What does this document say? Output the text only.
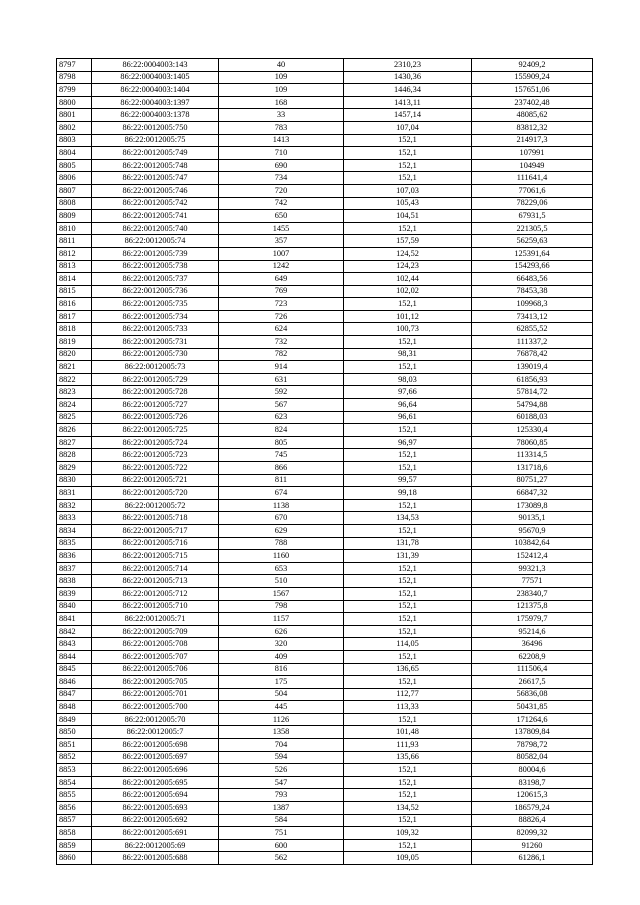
8797	86:22:0004003:143	40	2310,23	92409,2
8798	86:22:0004003:1405	109	1430,36	155909,24
8799	86:22:0004003:1404	109	1446,34	157651,06
8800	86:22:0004003:1397	168	1413,11	237402,48
8801	86:22:0004003:1378	33	1457,14	48085,62
8802	86:22:0012005:750	783	107,04	83812,32
8803	86:22:0012005:75	1413	152,1	214917,3
8804	86:22:0012005:749	710	152,1	107991
8805	86:22:0012005:748	690	152,1	104949
8806	86:22:0012005:747	734	152,1	111641,4
8807	86:22:0012005:746	720	107,03	77061,6
8808	86:22:0012005:742	742	105,43	78229,06
8809	86:22:0012005:741	650	104,51	67931,5
8810	86:22:0012005:740	1455	152,1	221305,5
8811	86:22:0012005:74	357	157,59	56259,63
8812	86:22:0012005:739	1007	124,52	125391,64
8813	86:22:0012005:738	1242	124,23	154293,66
8814	86:22:0012005:737	649	102,44	66483,56
8815	86:22:0012005:736	769	102,02	78453,38
8816	86:22:0012005:735	723	152,1	109968,3
8817	86:22:0012005:734	726	101,12	73413,12
8818	86:22:0012005:733	624	100,73	62855,52
8819	86:22:0012005:731	732	152,1	111337,2
8820	86:22:0012005:730	782	98,31	76878,42
8821	86:22:0012005:73	914	152,1	139019,4
8822	86:22:0012005:729	631	98,03	61856,93
8823	86:22:0012005:728	592	97,66	57814,72
8824	86:22:0012005:727	567	96,64	54794,88
8825	86:22:0012005:726	623	96,61	60188,03
8826	86:22:0012005:725	824	152,1	125330,4
8827	86:22:0012005:724	805	96,97	78060,85
8828	86:22:0012005:723	745	152,1	113314,5
8829	86:22:0012005:722	866	152,1	131718,6
8830	86:22:0012005:721	811	99,57	80751,27
8831	86:22:0012005:720	674	99,18	66847,32
8832	86:22:0012005:72	1138	152,1	173089,8
8833	86:22:0012005:718	670	134,53	90135,1
8834	86:22:0012005:717	629	152,1	95670,9
8835	86:22:0012005:716	788	131,78	103842,64
8836	86:22:0012005:715	1160	131,39	152412,4
8837	86:22:0012005:714	653	152,1	99321,3
8838	86:22:0012005:713	510	152,1	77571
8839	86:22:0012005:712	1567	152,1	238340,7
8840	86:22:0012005:710	798	152,1	121375,8
8841	86:22:0012005:71	1157	152,1	175979,7
8842	86:22:0012005:709	626	152,1	95214,6
8843	86:22:0012005:708	320	114,05	36496
8844	86:22:0012005:707	409	152,1	62208,9
8845	86:22:0012005:706	816	136,65	111506,4
8846	86:22:0012005:705	175	152,1	26617,5
8847	86:22:0012005:701	504	112,77	56836,08
8848	86:22:0012005:700	445	113,33	50431,85
8849	86:22:0012005:70	1126	152,1	171264,6
8850	86:22:0012005:7	1358	101,48	137809,84
8851	86:22:0012005:698	704	111,93	78798,72
8852	86:22:0012005:697	594	135,66	80582,04
8853	86:22:0012005:696	526	152,1	80004,6
8854	86:22:0012005:695	547	152,1	83198,7
8855	86:22:0012005:694	793	152,1	120615,3
8856	86:22:0012005:693	1387	134,52	186579,24
8857	86:22:0012005:692	584	152,1	88826,4
8858	86:22:0012005:691	751	109,32	82099,32
8859	86:22:0012005:69	600	152,1	91260
8860	86:22:0012005:688	562	109,05	61286,1
